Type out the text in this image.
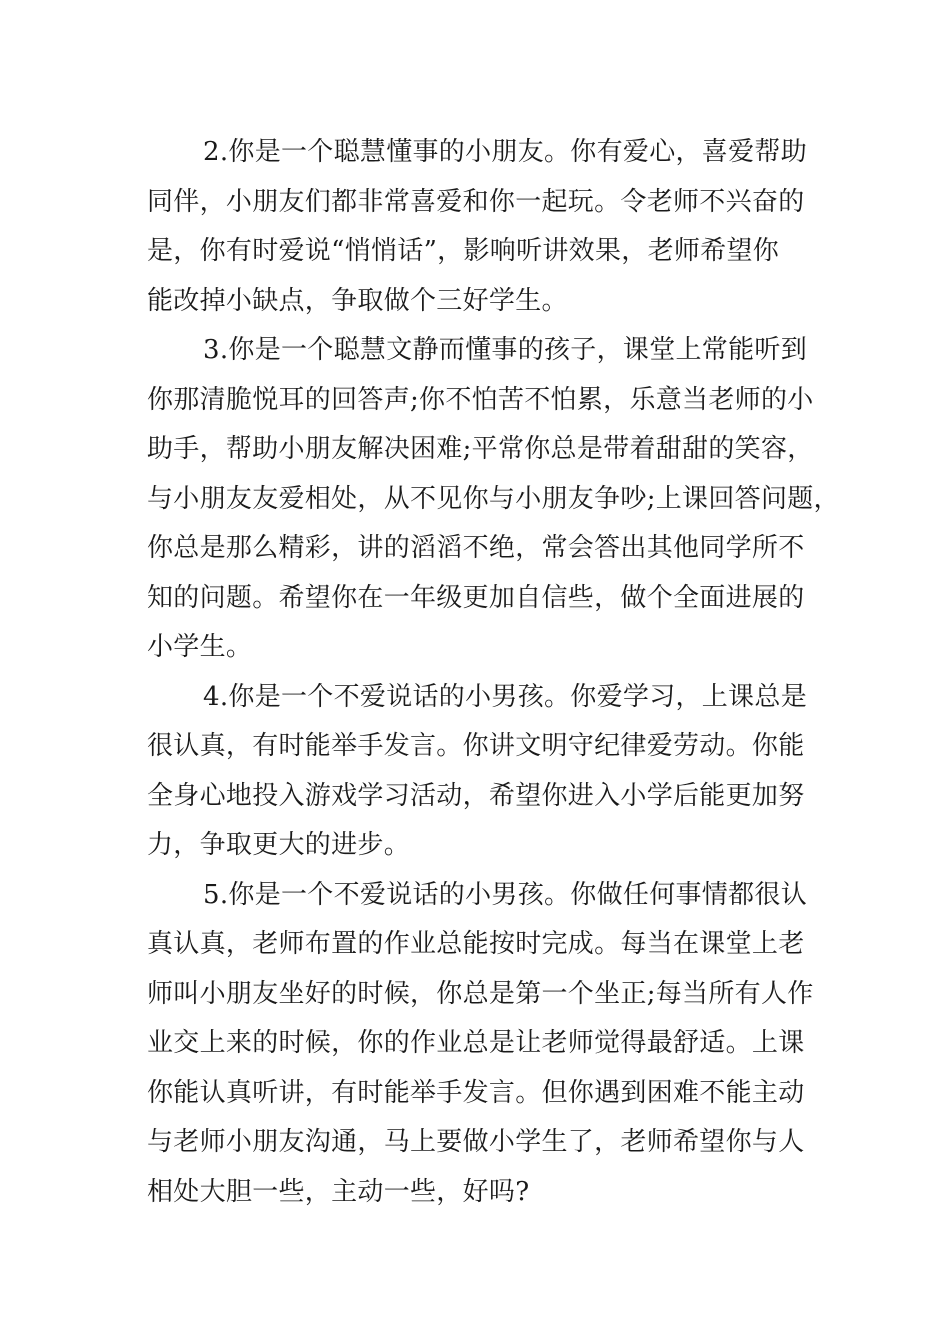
2.你是一个聪慧懂事的小朋友。你有爱心，喜爱帮助
同伴，小朋友们都非常喜爱和你一起玩。令老师不兴奋的
是，你有时爱说“悄悄话”，影响听讲效果，老师希望你
能改掉小缺点，争取做个三好学生。
3.你是一个聪慧文静而懂事的孩子，课堂上常能听到
你那清脆悦耳的回答声;你不怕苦不怕累，乐意当老师的小
助手，帮助小朋友解决困难;平常你总是带着甜甜的笑容，
与小朋友友爱相处，从不见你与小朋友争吵;上课回答问题，
你总是那么精彩，讲的滔滔不绝，常会答出其他同学所不
知的问题。希望你在一年级更加自信些，做个全面进展的
小学生。
4.你是一个不爱说话的小男孩。你爱学习，上课总是
很认真，有时能举手发言。你讲文明守纪律爱劳动。你能
全身心地投入游戏学习活动，希望你进入小学后能更加努
力，争取更大的进步。
5.你是一个不爱说话的小男孩。你做任何事情都很认
真认真，老师布置的作业总能按时完成。每当在课堂上老
师叫小朋友坐好的时候，你总是第一个坐正;每当所有人作
业交上来的时候，你的作业总是让老师觉得最舒适。上课
你能认真听讲，有时能举手发言。但你遇到困难不能主动
与老师小朋友沟通，马上要做小学生了，老师希望你与人
相处大胆一些，主动一些，好吗?
